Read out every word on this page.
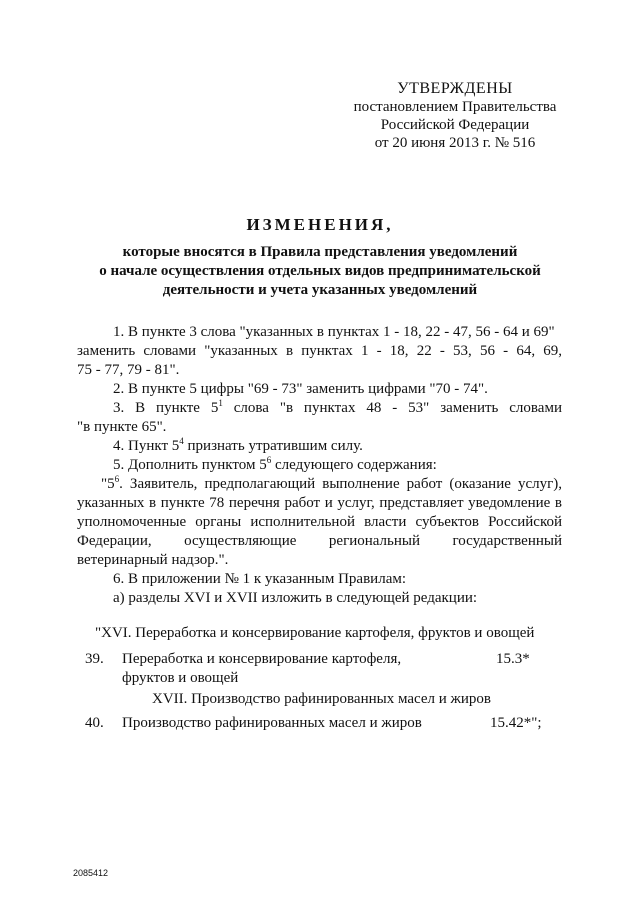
УТВЕРЖДЕНЫ
постановлением Правительства
Российской Федерации
от 20 июня 2013 г. № 516
ИЗМЕНЕНИЯ,
которые вносятся в Правила представления уведомлений
о начале осуществления отдельных видов предпринимательской
деятельности и учета указанных уведомлений

1. В пункте 3 слова "указанных в пунктах 1 - 18, 22 - 47, 56 - 64 и 69"

заменить словами "указанных в пунктах 1 - 18, 22 - 53, 56 - 64, 69,

75 - 77, 79 - 81".

2. В пункте 5 цифры "69 - 73" заменить цифрами "70 - 74".

3. В пункте $5^1$ слова "в пунктах 48 - 53" заменить словами

"в пункте 65".

4. Пункт $5^4$ признать утратившим силу.

5. Дополнить пунктом $5^6$ следующего содержания:

"$5^6$. Заявитель, предполагающий выполнение работ (оказание услуг), указанных в пункте 78 перечня работ и услуг, представляет уведомление в уполномоченные органы исполнительной власти субъектов Российской Федерации, осуществляющие региональный государственный ветеринарный надзор.".

6. В приложении № 1 к указанным Правилам:

а) разделы XVI и XVII изложить в следующей редакции:

"XVI. Переработка и консервирование картофеля, фруктов и овощей
39. Переработка и консервирование картофеля,
фруктов и овощей
15.3*
XVII. Производство рафинированных масел и жиров
40. Производство рафинированных масел и жиров	15.42*";
2085412
